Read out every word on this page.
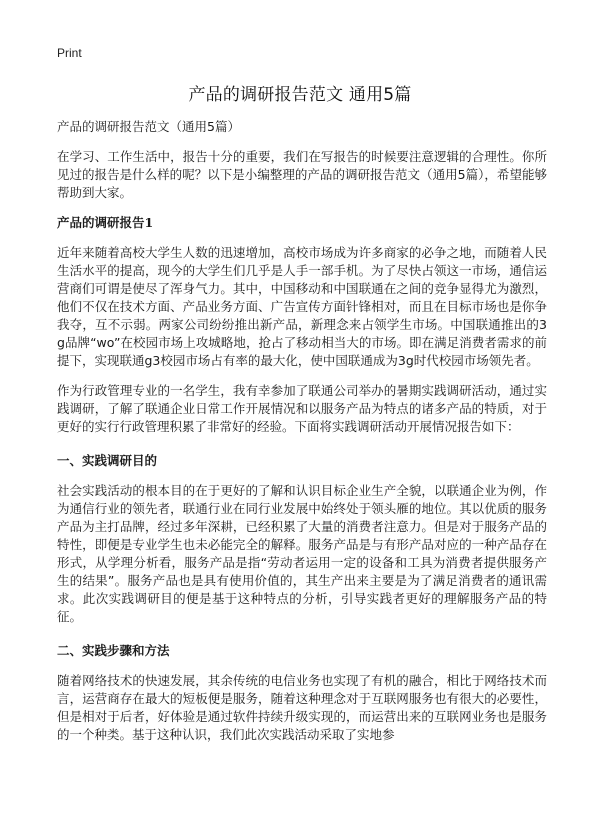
Print
产品的调研报告范文 通用5篇

产品的调研报告范文（通用5篇）

在学习、工作生活中，报告十分的重要，我们在写报告的时候要注意逻辑的合理性。你所见过的报告是什么样的呢？以下是小编整理的产品的调研报告范文（通用5篇），希望能够帮助到大家。

产品的调研报告1

近年来随着高校大学生人数的迅速增加，高校市场成为许多商家的必争之地，而随着人民生活水平的提高，现今的大学生们几乎是人手一部手机。为了尽快占领这一市场，通信运营商们可谓是使尽了浑身气力。其中，中国移动和中国联通在之间的竞争显得尤为激烈，他们不仅在技术方面、产品业务方面、广告宣传方面针锋相对，而且在目标市场也是你争我夺，互不示弱。两家公司纷纷推出新产品，新理念来占领学生市场。中国联通推出的3g品牌“wo”在校园市场上攻城略地，抢占了移动相当大的市场。即在满足消费者需求的前提下，实现联通g3校园市场占有率的最大化，使中国联通成为3g时代校园市场领先者。

作为行政管理专业的一名学生，我有幸参加了联通公司举办的暑期实践调研活动，通过实践调研，了解了联通企业日常工作开展情况和以服务产品为特点的诸多产品的特质，对于更好的实行行政管理积累了非常好的经验。下面将实践调研活动开展情况报告如下：

一、实践调研目的

社会实践活动的根本目的在于更好的了解和认识目标企业生产全貌，以联通企业为例，作为通信行业的领先者，联通行业在同行业发展中始终处于领头雁的地位。其以优质的服务产品为主打品牌，经过多年深耕，已经积累了大量的消费者注意力。但是对于服务产品的特性，即便是专业学生也未必能完全的解释。服务产品是与有形产品对应的一种产品存在形式，从学理分析看，服务产品是指“劳动者运用一定的设备和工具为消费者提供服务产生的结果”。服务产品也是具有使用价值的，其生产出来主要是为了满足消费者的通讯需求。此次实践调研目的便是基于这种特点的分析，引导实践者更好的理解服务产品的特征。

二、实践步骤和方法

随着网络技术的快速发展，其余传统的电信业务也实现了有机的融合，相比于网络技术而言，运营商存在最大的短板便是服务，随着这种理念对于互联网服务也有很大的必要性，但是相对于后者，好体验是通过软件持续升级实现的，而运营出来的互联网业务也是服务的一个种类。基于这种认识，我们此次实践活动采取了实地参
